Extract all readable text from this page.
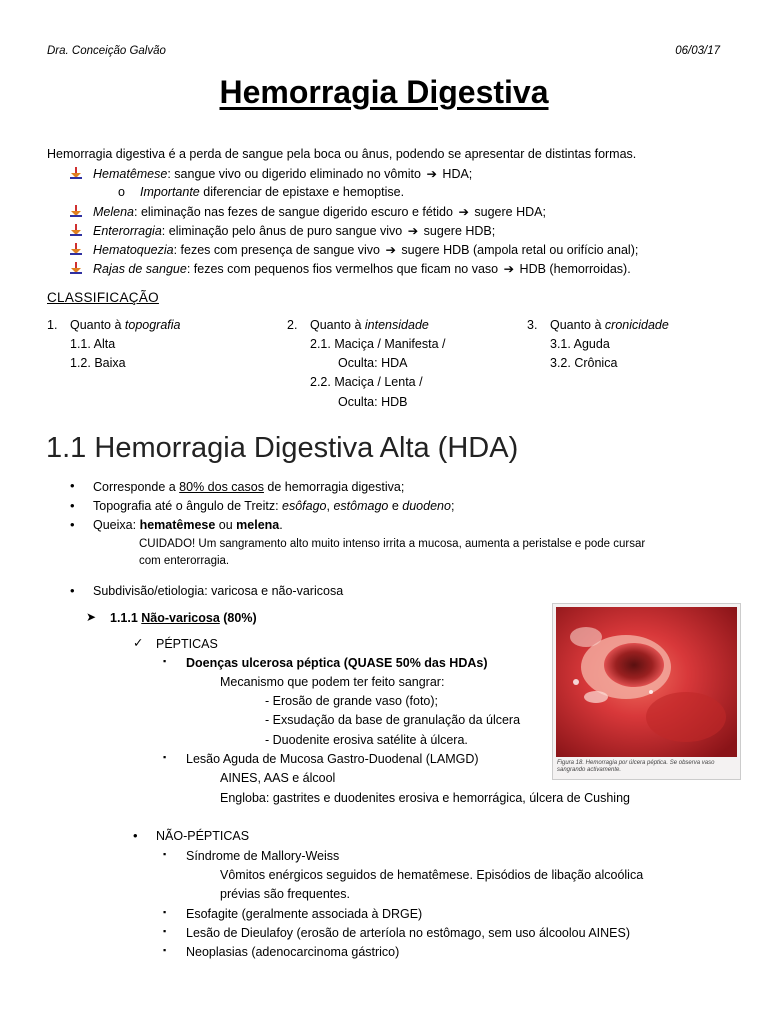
Dra. Conceição Galvão	06/03/17
Hemorragia Digestiva
Hemorragia digestiva é a perda de sangue pela boca ou ânus, podendo se apresentar de distintas formas.
Hematêmese: sangue vivo ou digerido eliminado no vômito ➔ HDA;
o Importante diferenciar de epistaxe e hemoptise.
Melena: eliminação nas fezes de sangue digerido escuro e fétido ➔ sugere HDA;
Enterorragia: eliminação pelo ânus de puro sangue vivo ➔ sugere HDB;
Hematoquezia: fezes com presença de sangue vivo ➔ sugere HDB (ampola retal ou orifício anal);
Rajas de sangue: fezes com pequenos fios vermelhos que ficam no vaso ➔ HDB (hemorroidas).
CLASSIFICAÇÃO
1. Quanto à topografia
1.1. Alta
1.2. Baixa
2. Quanto à intensidade
2.1. Maciça / Manifesta /
Oculta: HDA
2.2. Maciça / Lenta /
Oculta: HDB
3. Quanto à cronicidade
3.1. Aguda
3.2. Crônica
1.1 Hemorragia Digestiva Alta (HDA)
• Corresponde a 80% dos casos de hemorragia digestiva;
• Topografia até o ângulo de Treitz: esôfago, estômago e duodeno;
• Queixa: hematêmese ou melena.
CUIDADO! Um sangramento alto muito intenso irrita a mucosa, aumenta a peristalse e pode cursar
com enterorragia.
• Subdivisão/etiologia: varicosa e não-varicosa
➤ 1.1.1 Não-varicosa (80%)
✓ PÉPTICAS
▪ Doenças ulcerosa péptica (QUASE 50% das HDAs)
Mecanismo que podem ter feito sangrar:
- Erosão de grande vaso (foto);
- Exsudação da base de granulação da úlcera
- Duodenite erosiva satélite à úlcera.
▪ Lesão Aguda de Mucosa Gastro-Duodenal (LAMGD)
AINES, AAS e álcool
Engloba: gastrites e duodenites erosiva e hemorrágica, úlcera de Cushing
• NÃO-PÉPTICAS
▪ Síndrome de Mallory-Weiss
Vômitos enérgicos seguidos de hematêmese. Episódios de libação alcoólica
prévias são frequentes.
▪ Esofagite (geralmente associada à DRGE)
▪ Lesão de Dieulafoy (erosão de arteríola no estômago, sem uso álcoolou AINES)
▪ Neoplasias (adenocarcinoma gástrico)
Figura 18. Hemorragia por úlcera péptica. Se observa vaso sangrando activamente.
